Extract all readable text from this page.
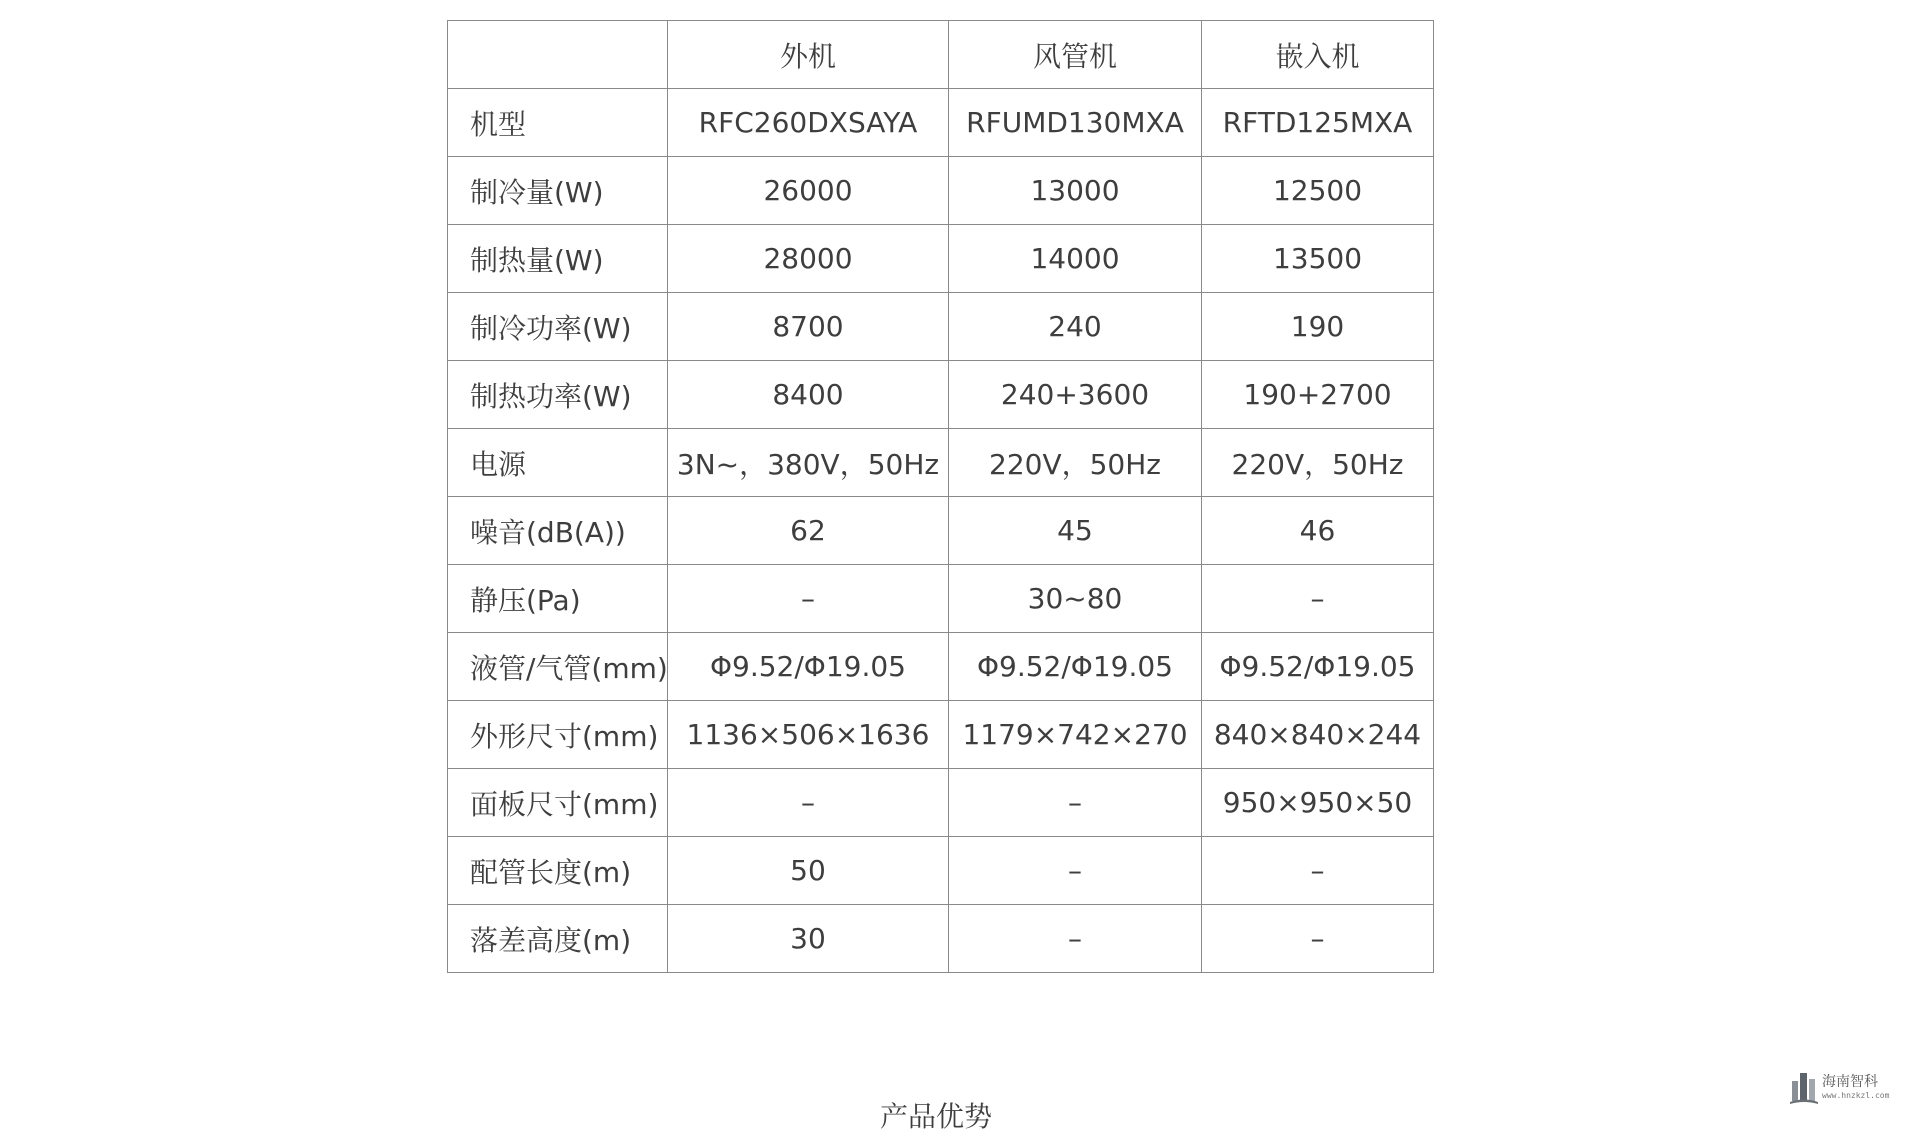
	外机	风管机	嵌入机
机型	RFC260DXSAYA	RFUMD130MXA	RFTD125MXA
制冷量(W)	26000	13000	12500
制热量(W)	28000	14000	13500
制冷功率(W)	8700	240	190
制热功率(W)	8400	240+3600	190+2700
电源	3N~，380V，50Hz	220V，50Hz	220V，50Hz
噪音(dB(A))	62	45	46
静压(Pa)	–	30~80	–
液管/气管(mm)	Φ9.52/Φ19.05	Φ9.52/Φ19.05	Φ9.52/Φ19.05
外形尺寸(mm)	1136×506×1636	1179×742×270	840×840×244
面板尺寸(mm)	–	–	950×950×50
配管长度(m)	50	–	–
落差高度(m)	30	–	–
产品优势
海南智科
www.hnzkzl.com
